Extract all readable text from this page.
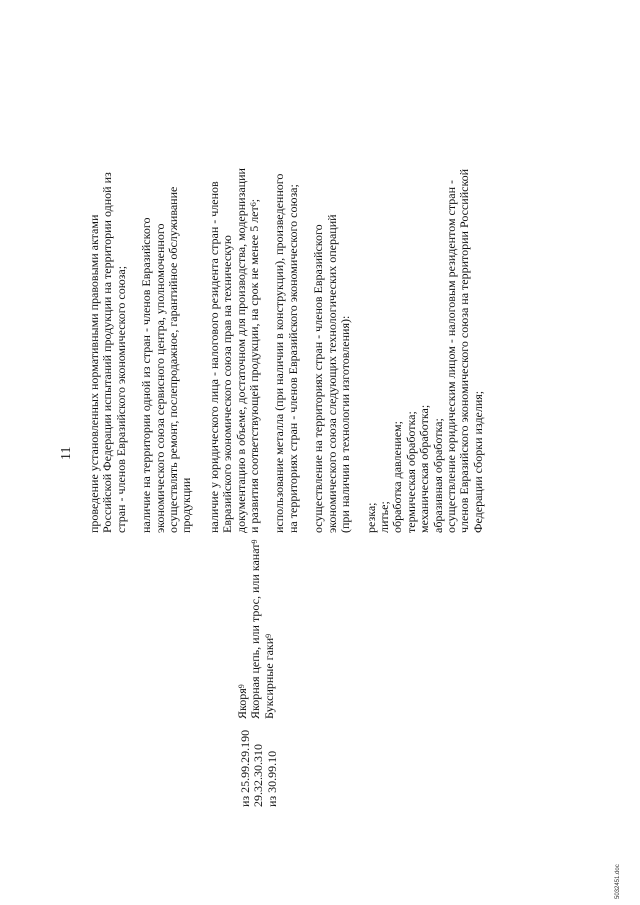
11
из 25.99.29.190 29.32.30.310 из 30.99.10
Якоря$^9$ Якорная цепь, или трос, или канат$^9$
Буксирные гаки$^9$
проведение установленных нормативными правовыми актами Российской Федерации испытаний продукции на территории одной из стран - членов Евразийского экономического союза; наличие на территории одной из стран - членов Евразийского экономического союза сервисного центра, уполномоченного осуществлять ремонт, послепродажное, гарантийное обслуживание продукции наличие у юридического лица - налогового резидента стран - членов Евразийского экономического союза прав на техническую документацию в объеме, достаточном для производства, модернизации и развития соответствующей продукции, на срок не менее 5 лет$^6$; использование металла (при наличии в конструкции), произведенного на территориях стран - членов Евразийского экономического союза; осуществление на территориях стран - членов Евразийского экономического союза следующих технологических операций (при наличии в технологии изготовления): резка; литье; обработка давлением; термическая обработка; механическая обработка; абразивная обработка; осуществление юридическим лицом - налоговым резидентом стран - членов Евразийского экономического союза на территории Российской Федерации сборки изделия;
5032451.doc
